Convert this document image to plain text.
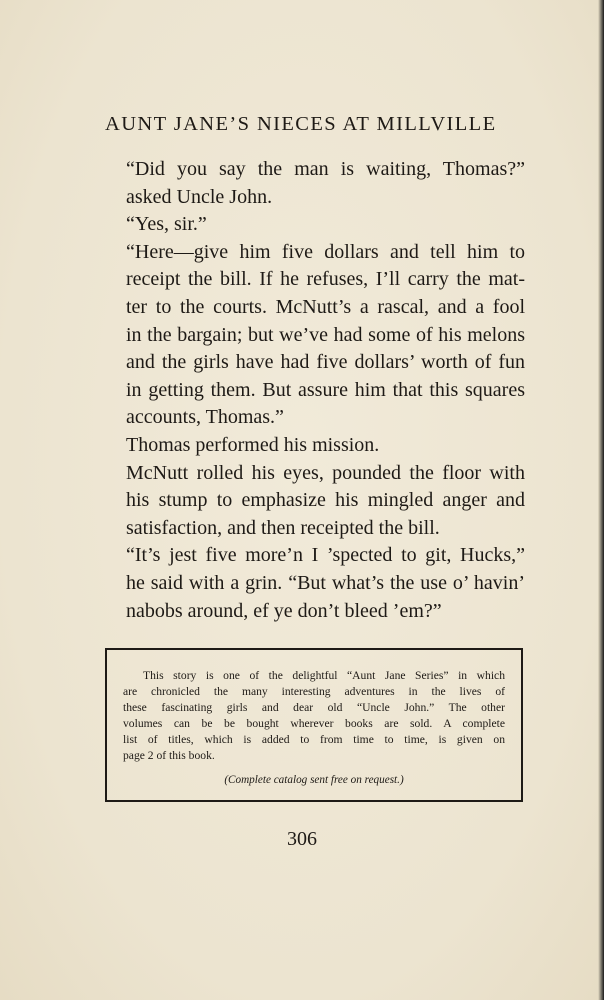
AUNT JANE’S NIECES AT MILLVILLE

“Did you say the man is waiting, Thomas?”
asked Uncle John.

“Yes, sir.”

“Here—give him five dollars and tell him to
receipt the bill. If he refuses, I’ll carry the mat-
ter to the courts. McNutt’s a rascal, and a fool
in the bargain; but we’ve had some of his melons
and the girls have had five dollars’ worth of fun
in getting them. But assure him that this squares
accounts, Thomas.”

Thomas performed his mission.

McNutt rolled his eyes, pounded the floor with
his stump to emphasize his mingled anger and
satisfaction, and then receipted the bill.

“It’s jest five more’n I ’spected to git, Hucks,”
he said with a grin. “But what’s the use o’ havin’
nabobs around, ef ye don’t bleed ’em?”

This story is one of the delightful “Aunt Jane Series” in which
are chronicled the many interesting adventures in the lives of
these fascinating girls and dear old “Uncle John.” The other
volumes can be be bought wherever books are sold. A complete
list of titles, which is added to from time to time, is given on
page 2 of this book.

(Complete catalog sent free on request.)

306
